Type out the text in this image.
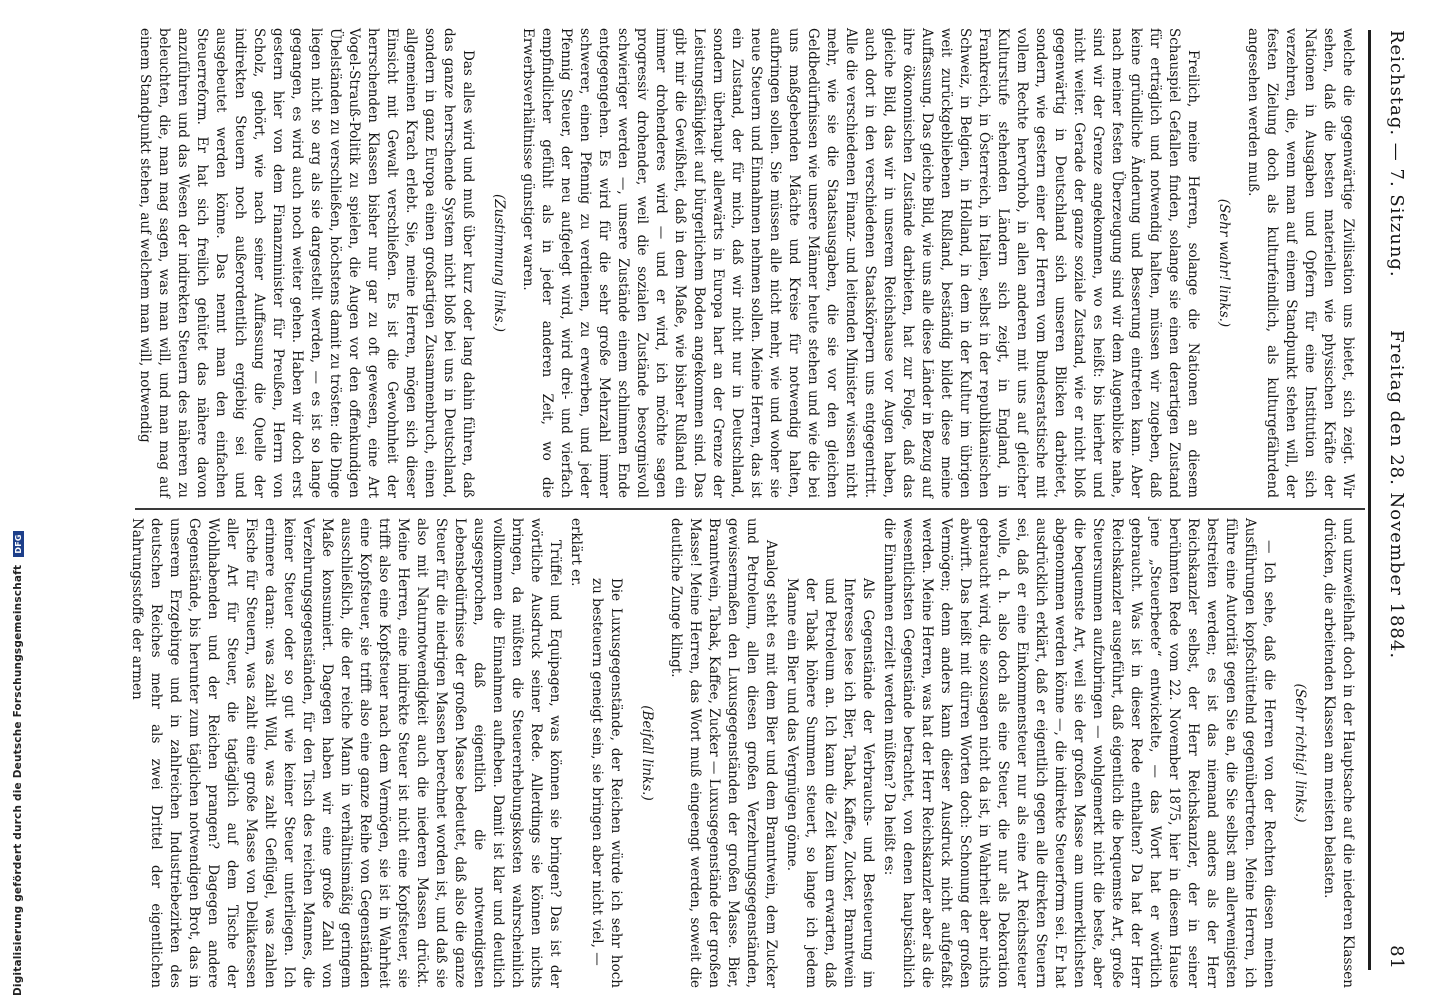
Reichstag. — 7. Sitzung.
Freitag den 28. November 1884.
81

welche die gegenwärtige Zivilisation uns bietet, sich zeigt. Wir sehen, daß die besten materiellen wie physischen Kräfte der Nationen in Ausgaben und Opfern für eine Institution sich verzehren, die, wenn man auf einem Standpunkt stehen will, der festen Zielung doch als kulturfeindlich, als kulturgefährdend angesehen werden muß.

(Sehr wahr! links.)

Freilich, meine Herren, solange die Nationen an diesem Schauspiel Gefallen finden, solange sie einen derartigen Zustand für erträglich und notwendig halten, müssen wir zugeben, daß keine gründliche Änderung und Besserung eintreten kann. Aber nach meiner festen Überzeugung sind wir dem Augenblicke nahe, sind wir der Grenze angekommen, wo es heißt: bis hierher und nicht weiter. Gerade der ganze soziale Zustand, wie er nicht bloß gegenwärtig in Deutschland sich unseren Blicken darbietet, sondern, wie gestern einer der Herren vom Bundesratstische mit vollem Rechte hervorhob, in allen anderen mit uns auf gleicher Kulturstufe stehenden Ländern sich zeigt, in England, in Frankreich, in Österreich, in Italien, selbst in der republikanischen Schweiz, in Belgien, in Holland, in dem in der Kultur im übrigen weit zurückgebliebenen Rußland, beständig bildet diese meine Auffassung. Das gleiche Bild, wie uns alle diese Länder in Bezug auf ihre ökonomischen Zustände darbieten, hat zur Folge, daß das gleiche Bild, das wir in unserem Reichshause vor Augen haben, auch dort in den verschiedenen Staatskörpern uns entgegentritt. Alle die verschiedenen Finanz- und leitenden Minister wissen nicht mehr, wie sie die Staatsausgaben, die sie vor den gleichen Geldbedürfnissen wie unsere Männer heute stehen und wie die bei uns maßgebenden Mächte und Kreise für notwendig halten, aufbringen sollen. Sie müssen alle nicht mehr, wie und woher sie neue Steuern und Einnahmen nehmen sollen. Meine Herren, das ist ein Zustand, der für mich, daß wir nicht nur in Deutschland, sondern überhaupt allerwärts in Europa hart an der Grenze der Leistungsfähigkeit auf bürgerlichem Boden angekommen sind. Das gibt mir die Gewißheit, daß in dem Maße, wie bisher Rußland ein immer drohenderes wird — und er wird, ich möchte sagen progressiv drohender, weil die sozialen Zustände besorgnisvoll schwieriger werden —, unsere Zustände einem schlimmen Ende entgegengehen. Es wird für die sehr große Mehrzahl immer schwerer, einen Pfennig zu verdienen, zu erwerben, und jeder Pfennig Steuer, der neu aufgelegt wird, wird drei- und vierfach empfindlicher gefühlt als in jeder anderen Zeit, wo die Erwerbsverhältnisse günstiger waren.

(Zustimmung links.)

Das alles wird und muß über kurz oder lang dahin führen, daß das ganze herrschende System nicht bloß bei uns in Deutschland, sondern in ganz Europa einen großartigen Zusammenbruch, einen allgemeinen Krach erlebt. Sie, meine Herren, mögen sich dieser Einsicht mit Gewalt verschließen. Es ist die Gewohnheit der herrschenden Klassen bisher nur gar zu oft gewesen, eine Art Vogel-Strauß-Politik zu spielen, die Augen vor den offenkundigen Übelständen zu verschließen, höchstens damit zu trösten: die Dinge liegen nicht so arg als sie dargestellt werden, — es ist so lange gegangen, es wird auch noch weiter gehen. Haben wir doch erst gestern hier von dem Finanzminister für Preußen, Herrn von Scholz, gehört, wie nach seiner Auffassung die Quelle der indirekten Steuern noch außerordentlich ergiebig sei und ausgebeutet werden könne. Das nennt man den einfachen Steuerreform. Er hat sich freilich gehütet das nähere davon anzuführen und das Wesen der indirekten Steuern des näheren zu beleuchten, die, man mag sagen, was man will, und man mag auf einem Standpunkt stehen, auf welchem man will, notwendig

und unzweifelhaft doch in der Hauptsache auf die niederen Klassen drücken, die arbeitenden Klassen am meisten belasten.

(Sehr richtig! links.)

— Ich sehe, daß die Herren von der Rechten diesen meinen Ausführungen kopfschüttelnd gegenübertreten. Meine Herren, ich führe eine Autorität gegen Sie an, die Sie selbst am allerwenigsten bestreiten werden; es ist das niemand anders als der Herr Reichskanzler selbst, der Herr Reichskanzler, der in seiner berühmten Rede vom 22. November 1875, hier in diesem Hause jene „Steuerbeete“ entwickelte, — das Wort hat er wörtlich gebraucht. Was ist in dieser Rede enthalten? Da hat der Herr Reichskanzler ausgeführt, daß eigentlich die bequemste Art, große Steuersummen aufzubringen — wohlgemerkt nicht die beste, aber die bequemste Art, weil sie der großen Masse am unmerklichsten abgenommen werden könne —, die indirekte Steuerform sei. Er hat ausdrücklich erklärt, daß er eigentlich gegen alle direkten Steuern sei, daß er eine Einkommensteuer nur als eine Art Reichssteuer wolle, d. h. also doch als eine Steuer, die nur als Dekoration gebraucht wird, die sozusagen nicht da ist, in Wahrheit aber nichts abwirft. Das heißt mit dürren Worten doch: Schonung der großen Vermögen; denn anders kann dieser Ausdruck nicht aufgefaßt werden. Meine Herren, was hat der Herr Reichskanzler aber als die wesentlichsten Gegenstände betrachtet, von denen hauptsächlich die Einnahmen erzielt werden müßten? Da heißt es:

Als Gegenstände der Verbrauchs- und Besteuerung im Interesse lese ich Bier, Tabak, Kaffee, Zucker, Branntwein und Petroleum an. Ich kann die Zeit kaum erwarten, daß der Tabak höhere Summen steuert, so lange ich jedem Manne ein Bier und das Vergnügen gönne.

Analog steht es mit dem Bier und dem Branntwein, dem Zucker und Petroleum, allen diesen großen Verzehrungsgegenständen, gewissermaßen den Luxusgegenständen der großen Masse. Bier, Branntwein, Tabak, Kaffee, Zucker — Luxusgegenstände der großen Masse! Meine Herren, das Wort muß eingeengt werden, soweit die deutliche Zunge klingt.

(Beifall links.)

Die Luxusgegenstände, der Reichen würde ich sehr hoch zu besteuern geneigt sein, sie bringen aber nicht viel, —

erklärt er.

Trüffel und Equipagen, was können sie bringen? Das ist der wörtliche Ausdruck seiner Rede. Allerdings sie können nichts bringen, da müßten die Steuererhebungskosten wahrscheinlich vollkommen die Einnahmen aufheben. Damit ist klar und deutlich ausgesprochen, daß eigentlich die notwendigsten Lebensbedürfnisse der großen Masse bedeutet, daß also die ganze Steuer für die niedrigen Massen berechnet worden ist, und daß sie also mit Naturnotwendigkeit auch die niederen Massen drückt. Meine Herren, eine indirekte Steuer ist nicht eine Kopfsteuer, sie trifft also eine Kopfsteuer nach dem Vermögen, sie ist in Wahrheit eine Kopfsteuer, sie trifft also eine ganze Reihe von Gegenständen ausschließlich, die der reiche Mann in verhältnismäßig geringem Maße konsumiert. Dagegen haben wir eine große Zahl von Verzehrungsgegenständen, für den Tisch des reichen Mannes, die keiner Steuer oder so gut wie keiner Steuer unterliegen. Ich erinnere daran: was zahlt Wild, was zahlt Geflügel, was zahlen Fische für Steuern, was zahlt eine große Masse von Delikatessen aller Art für Steuer, die tagtäglich auf dem Tische der Wohlhabenden und der Reichen prangen? Dagegen andere Gegenstände, bis herunter zum täglichen notwendigen Brot, das in unserem Erzgebirge und in zahlreichen Industriebezirken des deutschen Reiches mehr als zwei Drittel der eigentlichen Nahrungsstoffe der armen

Digitalisierung gefördert durch die Deutsche Forschungsgemeinschaft DFG
